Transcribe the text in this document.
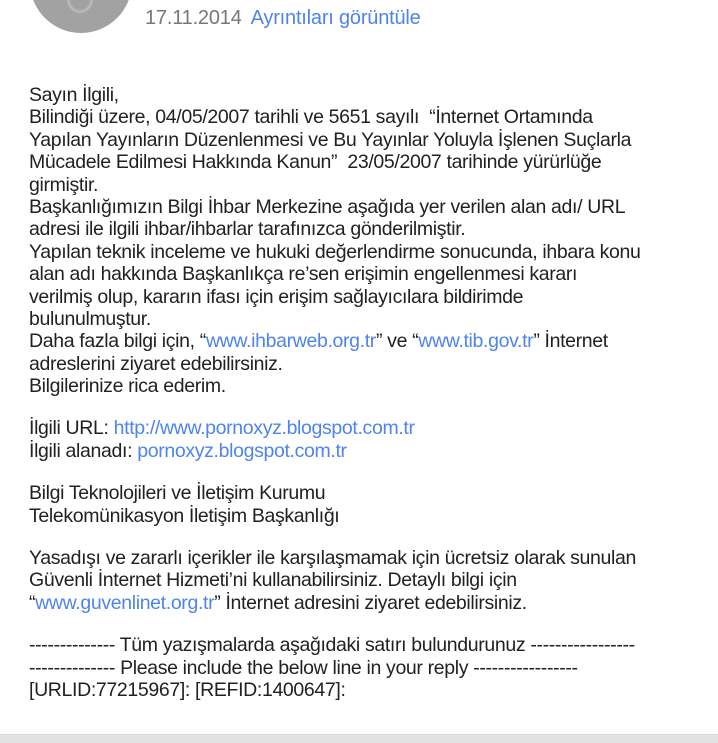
17.11.2014 Ayrıntıları görüntüle
Sayın İlgili,
Bilindiği üzere, 04/05/2007 tarihli ve 5651 sayılı  “İnternet Ortamında
Yapılan Yayınların Düzenlenmesi ve Bu Yayınlar Yoluyla İşlenen Suçlarla
Mücadele Edilmesi Hakkında Kanun”  23/05/2007 tarihinde yürürlüğe
girmiştir.
Başkanlığımızın Bilgi İhbar Merkezine aşağıda yer verilen alan adı/ URL
adresi ile ilgili ihbar/ihbarlar tarafınızca gönderilmiştir.
Yapılan teknik inceleme ve hukuki değerlendirme sonucunda, ihbara konu
alan adı hakkında Başkanlıkça re’sen erişimin engellenmesi kararı
verilmiş olup, kararın ifası için erişim sağlayıcılara bildirimde
bulunulmuştur.
Daha fazla bilgi için, “www.ihbarweb.org.tr” ve “www.tib.gov.tr” İnternet
adreslerini ziyaret edebilirsiniz.
Bilgilerinize rica ederim.
İlgili URL: http://www.pornoxyz.blogspot.com.tr
İlgili alanadı: pornoxyz.blogspot.com.tr
Bilgi Teknolojileri ve İletişim Kurumu
Telekomünikasyon İletişim Başkanlığı
Yasadışı ve zararlı içerikler ile karşılaşmamak için ücretsiz olarak sunulan
Güvenli İnternet Hizmeti’ni kullanabilirsiniz. Detaylı bilgi için
“www.guvenlinet.org.tr” İnternet adresini ziyaret edebilirsiniz.
-------------- Tüm yazışmalarda aşağıdaki satırı bulundurunuz -----------------
-------------- Please include the below line in your reply -----------------
[URLID:77215967]: [REFID:1400647]:
